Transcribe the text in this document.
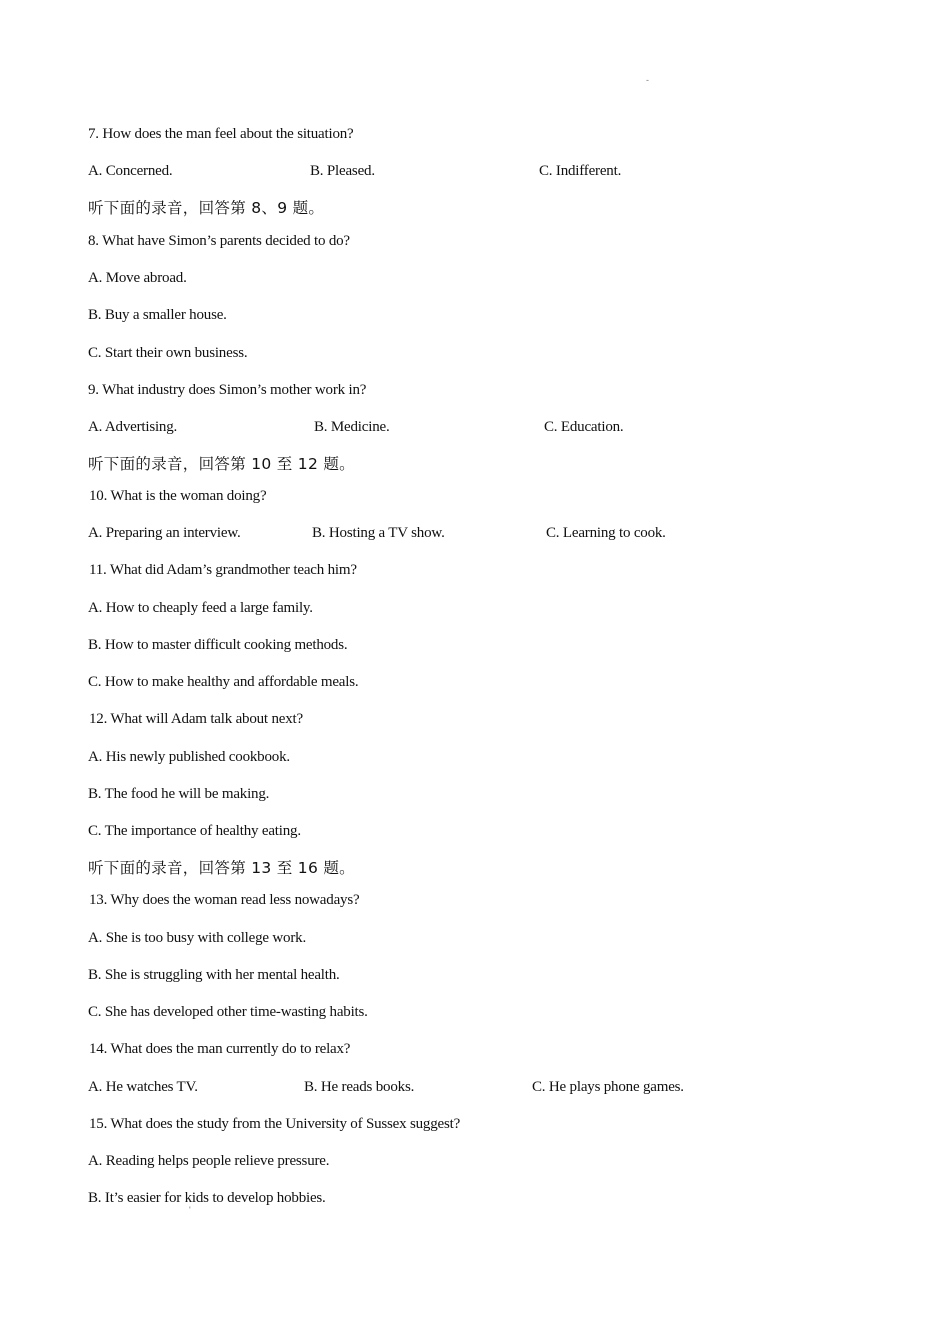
-
7. How does the man feel about the situation?
A. Concerned.	B. Pleased.	C. Indifferent.
听下面的录音，回答第 8、9 题。
8. What have Simon’s parents decided to do?
A. Move abroad.
B. Buy a smaller house.
C. Start their own business.
9. What industry does Simon’s mother work in?
A. Advertising.	B. Medicine.	C. Education.
听下面的录音，回答第 10 至 12 题。
10. What is the woman doing?
A. Preparing an interview.	B. Hosting a TV show.	C. Learning to cook.
11. What did Adam’s grandmother teach him?
A. How to cheaply feed a large family.
B. How to master difficult cooking methods.
C. How to make healthy and affordable meals.
12. What will Adam talk about next?
A. His newly published cookbook.
B. The food he will be making.
C. The importance of healthy eating.
听下面的录音，回答第 13 至 16 题。
13. Why does the woman read less nowadays?
A. She is too busy with college work.
B. She is struggling with her mental health.
C. She has developed other time-wasting habits.
14. What does the man currently do to relax?
A. He watches TV.	B. He reads books.	C. He plays phone games.
15. What does the study from the University of Sussex suggest?
A. Reading helps people relieve pressure.
B. It’s easier for kids to develop hobbies.
'
